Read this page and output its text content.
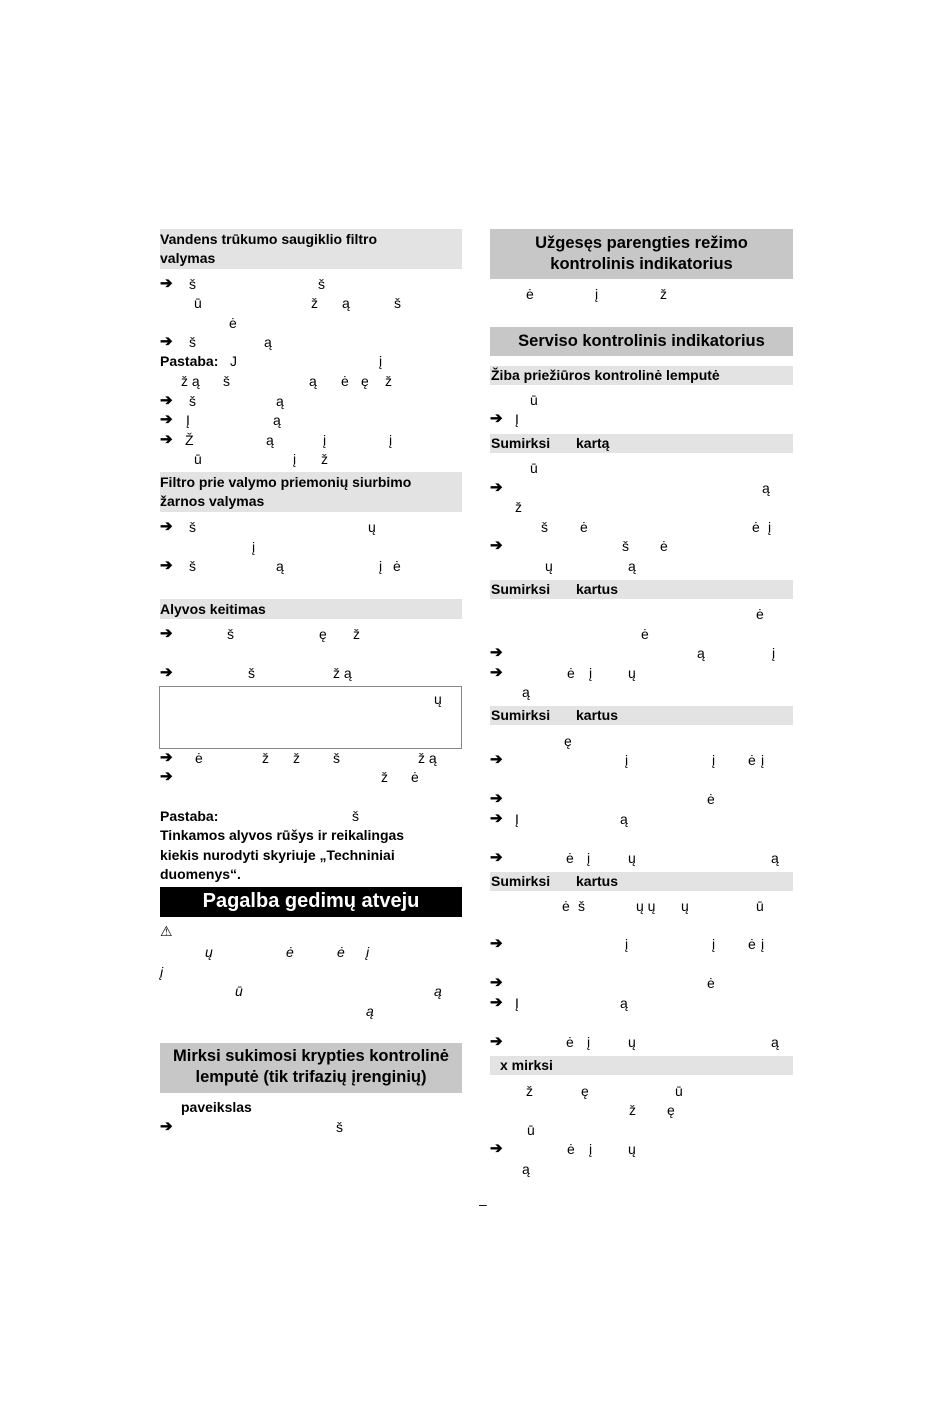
Vandens trūkumo saugiklio filtro
valymas
➔ š	š
ū	ž ą	š
ė
➔ š	ą
Pastaba: J	į
ž ą š	ą ė ę ž
➔ š	ą
➔ Į	ą
➔ Ž	ą	į	į
ū	į ž
Filtro prie valymo priemonių siurbimo
žarnos valymas
➔ š	ų
į
➔ š	ą	į ė
Alyvos keitimas
➔	š	ę ž
➔	š	ž ą
ų
➔ ė	ž ž š	ž ą
➔	ž ė
Pastaba:	š
Tinkamos alyvos rūšys ir reikalingas
kiekis nurodyti skyriuje „Techniniai
duomenys“.
Pagalba gedimų atveju
⚠
ų	ė	ė į
į
ū	ą
ą
Mirksi sukimosi krypties kontrolinė
lemputė (tik trifazių įrenginių)
paveikslas
➔	š
Užgesęs parengties režimo
kontrolinis indikatorius
ė	į	ž
Serviso kontrolinis indikatorius
Žiba priežiūros kontrolinė lemputė
ū
➔ Į
Sumirksi kartą
ū
➔	ą
ž
š ė	ė į
➔	š ė
ų	ą
Sumirksi kartus
ė
ė
➔	ą	į
➔	ė į	ų
ą
Sumirksi kartus
ę
➔	į	į ė į
➔	ė
➔ Į	ą
➔	ė į	ų	ą
Sumirksi kartus
ė š	ų ų ų	ū
➔	į	į ė į
➔	ė
➔ Į	ą
➔	ė į	ų	ą
x mirksi
ž	ę	ū
ž ę
ū
➔	ė į	ų
ą
–
